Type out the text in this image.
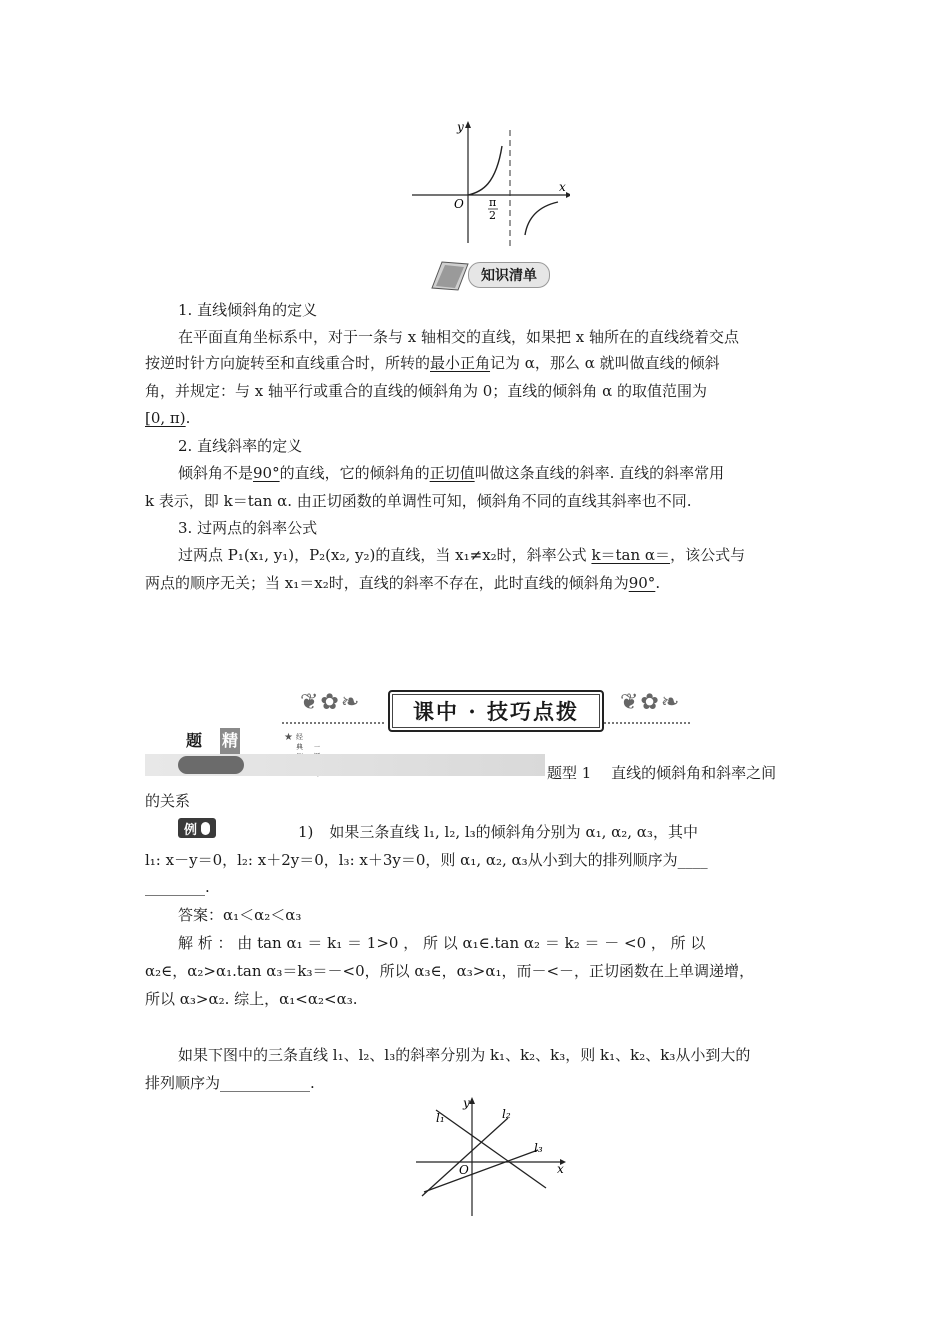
y
x
O π
2
知识清单
1. 直线倾斜角的定义
在平面直角坐标系中，对于一条与 x 轴相交的直线，如果把 x 轴所在的直线绕着交点
按逆时针方向旋转至和直线重合时，所转的最小正角记为 α，那么 α 就叫做直线的倾斜
角，并规定：与 x 轴平行或重合的直线的倾斜角为 0；直线的倾斜角 α 的取值范围为
[0, π).
2. 直线斜率的定义
倾斜角不是90°的直线，它的倾斜角的正切值叫做这条直线的斜率. 直线的斜率常用
k 表示，即 k＝tan α. 由正切函数的单调性可知，倾斜角不同的直线其斜率也不同.
3. 过两点的斜率公式
过两点 P₁(x₁, y₁)，P₂(x₂, y₂)的直线，当 x₁≠x₂时，斜率公式 k＝tan α＝，该公式与
两点的顺序无关；当 x₁＝x₂时，直线的斜率不存在，此时直线的倾斜角为90°.
❦✿❧	课中 · 技巧点拨	❦✿❧
题 精	★ 经典 一
题型 1　 直线的倾斜角和斜率之间
的关系
例	1) 如果三条直线 l₁, l₂, l₃的倾斜角分别为 α₁, α₂, α₃，其中
l₁: x－y＝0，l₂: x＋2y＝0，l₃: x＋3y＝0，则 α₁, α₂, α₃从小到大的排列顺序为____
________.
答案：α₁＜α₂＜α₃
解 析 ： 由 tan α₁ ＝ k₁ ＝ 1>0 ， 所 以 α₁∈.tan α₂ ＝ k₂ ＝ － <0 ， 所 以
α₂∈，α₂>α₁.tan α₃＝k₃＝－<0，所以 α₃∈，α₃>α₁，而－<－，正切函数在上单调递增，
所以 α₃>α₂. 综上，α₁<α₂<α₃.
如果下图中的三条直线 l₁、l₂、l₃的斜率分别为 k₁、k₂、k₃，则 k₁、k₂、k₃从小到大的
排列顺序为____________.
y
x
O
l₁	l₂
l₃
